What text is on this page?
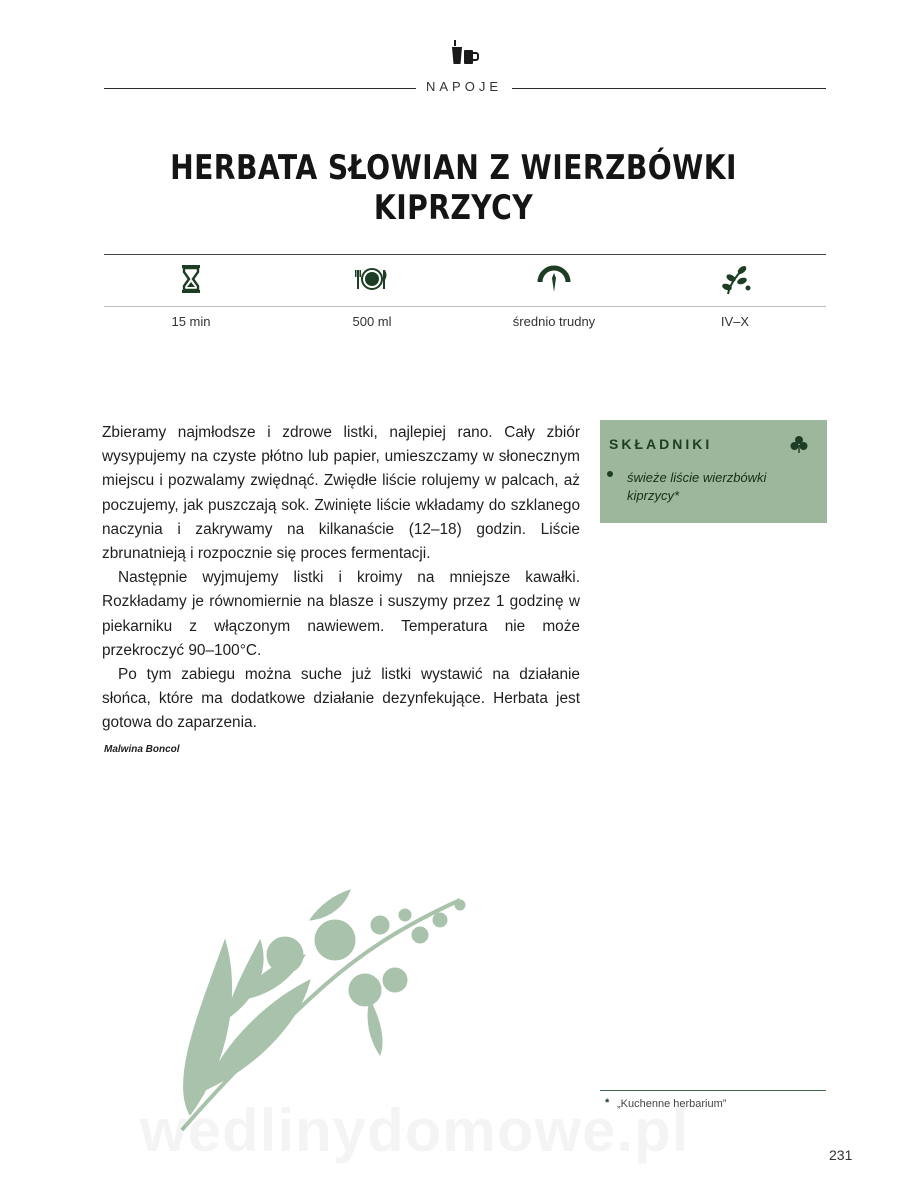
NAPOJE
HERBATA SŁOWIAN Z WIERZBÓWKI KIPRZYCY
15 min	500 ml	średnio trudny	IV–X

Zbieramy najmłodsze i zdrowe listki, najlepiej rano. Cały zbiór wysypujemy na czyste płótno lub papier, umieszczamy w słonecznym miejscu i pozwalamy zwiędnąć. Zwiędłe liście rolujemy w palcach, aż poczujemy, jak puszczają sok. Zwinięte liście wkładamy do szklanego naczynia i zakrywamy na kilkanaście (12–18) godzin. Liście zbrunatnieją i rozpocznie się proces fermentacji.

Następnie wyjmujemy listki i kroimy na mniejsze kawałki. Rozkładamy je równomiernie na blasze i suszymy przez 1 godzinę w piekarniku z włączonym nawiewem. Temperatura nie może przekroczyć 90–100°C.

Po tym zabiegu można suche już listki wystawić na działanie słońca, które ma dodatkowe działanie dezynfekujące. Herbata jest gotowa do zaparzenia.

Malwina Boncol
SKŁADNIKI
świeże liście wierzbówki kiprzycy*
* „Kuchenne herbarium”
231
